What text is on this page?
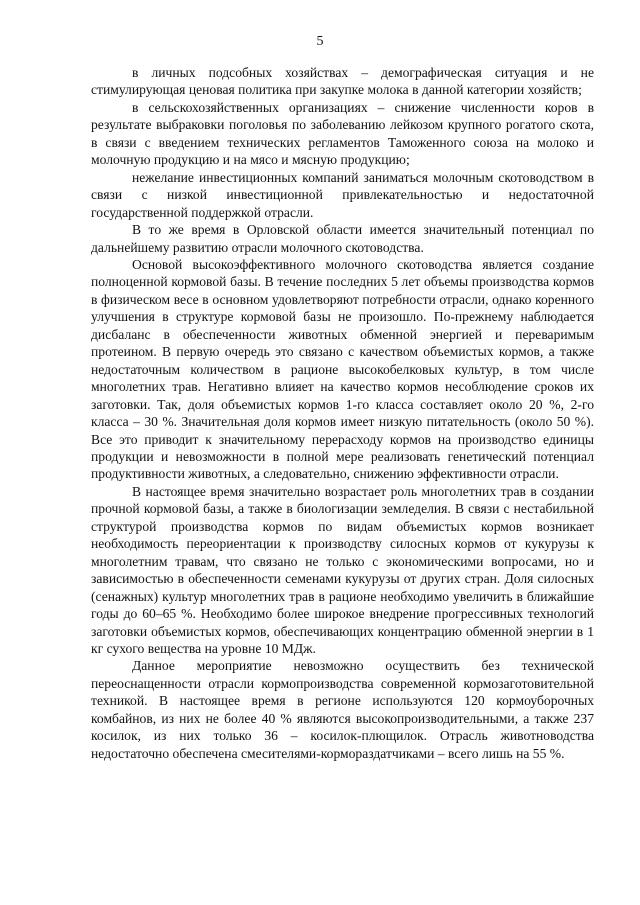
5

в личных подсобных хозяйствах – демографическая ситуация и не стимулирующая ценовая политика при закупке молока в данной категории хозяйств;

в сельскохозяйственных организациях – снижение численности коров в результате выбраковки поголовья по заболеванию лейкозом крупного рогатого скота, в связи с введением технических регламентов Таможенного союза на молоко и молочную продукцию и на мясо и мясную продукцию;

нежелание инвестиционных компаний заниматься молочным скотоводством в связи с низкой инвестиционной привлекательностью и недостаточной государственной поддержкой отрасли.

В то же время в Орловской области имеется значительный потенциал по дальнейшему развитию отрасли молочного скотоводства.

Основой высокоэффективного молочного скотоводства является создание полноценной кормовой базы. В течение последних 5 лет объемы производства кормов в физическом весе в основном удовлетворяют потребности отрасли, однако коренного улучшения в структуре кормовой базы не произошло. По-прежнему наблюдается дисбаланс в обеспеченности животных обменной энергией и переваримым протеином. В первую очередь это связано с качеством объемистых кормов, а также недостаточным количеством в рационе высокобелковых культур, в том числе многолетних трав. Негативно влияет на качество кормов несоблюдение сроков их заготовки. Так, доля объемистых кормов 1-го класса составляет около 20 %, 2-го класса – 30 %. Значительная доля кормов имеет низкую питательность (около 50 %). Все это приводит к значительному перерасходу кормов на производство единицы продукции и невозможности в полной мере реализовать генетический потенциал продуктивности животных, а следовательно, снижению эффективности отрасли.

В настоящее время значительно возрастает роль многолетних трав в создании прочной кормовой базы, а также в биологизации земледелия. В связи с нестабильной структурой производства кормов по видам объемистых кормов возникает необходимость переориентации к производству силосных кормов от кукурузы к многолетним травам, что связано не только с экономическими вопросами, но и зависимостью в обеспеченности семенами кукурузы от других стран. Доля силосных (сенажных) культур многолетних трав в рационе необходимо увеличить в ближайшие годы до 60–65 %. Необходимо более широкое внедрение прогрессивных технологий заготовки объемистых кормов, обеспечивающих концентрацию обменной энергии в 1 кг сухого вещества на уровне 10 МДж.

Данное мероприятие невозможно осуществить без технической переоснащенности отрасли кормопроизводства современной кормозаготовительной техникой. В настоящее время в регионе используются 120 кормоуборочных комбайнов, из них не более 40 % являются высокопроизводительными, а также 237 косилок, из них только 36 – косилок-плющилок. Отрасль животноводства недостаточно обеспечена смесителями-кормораздатчиками – всего лишь на 55 %.
